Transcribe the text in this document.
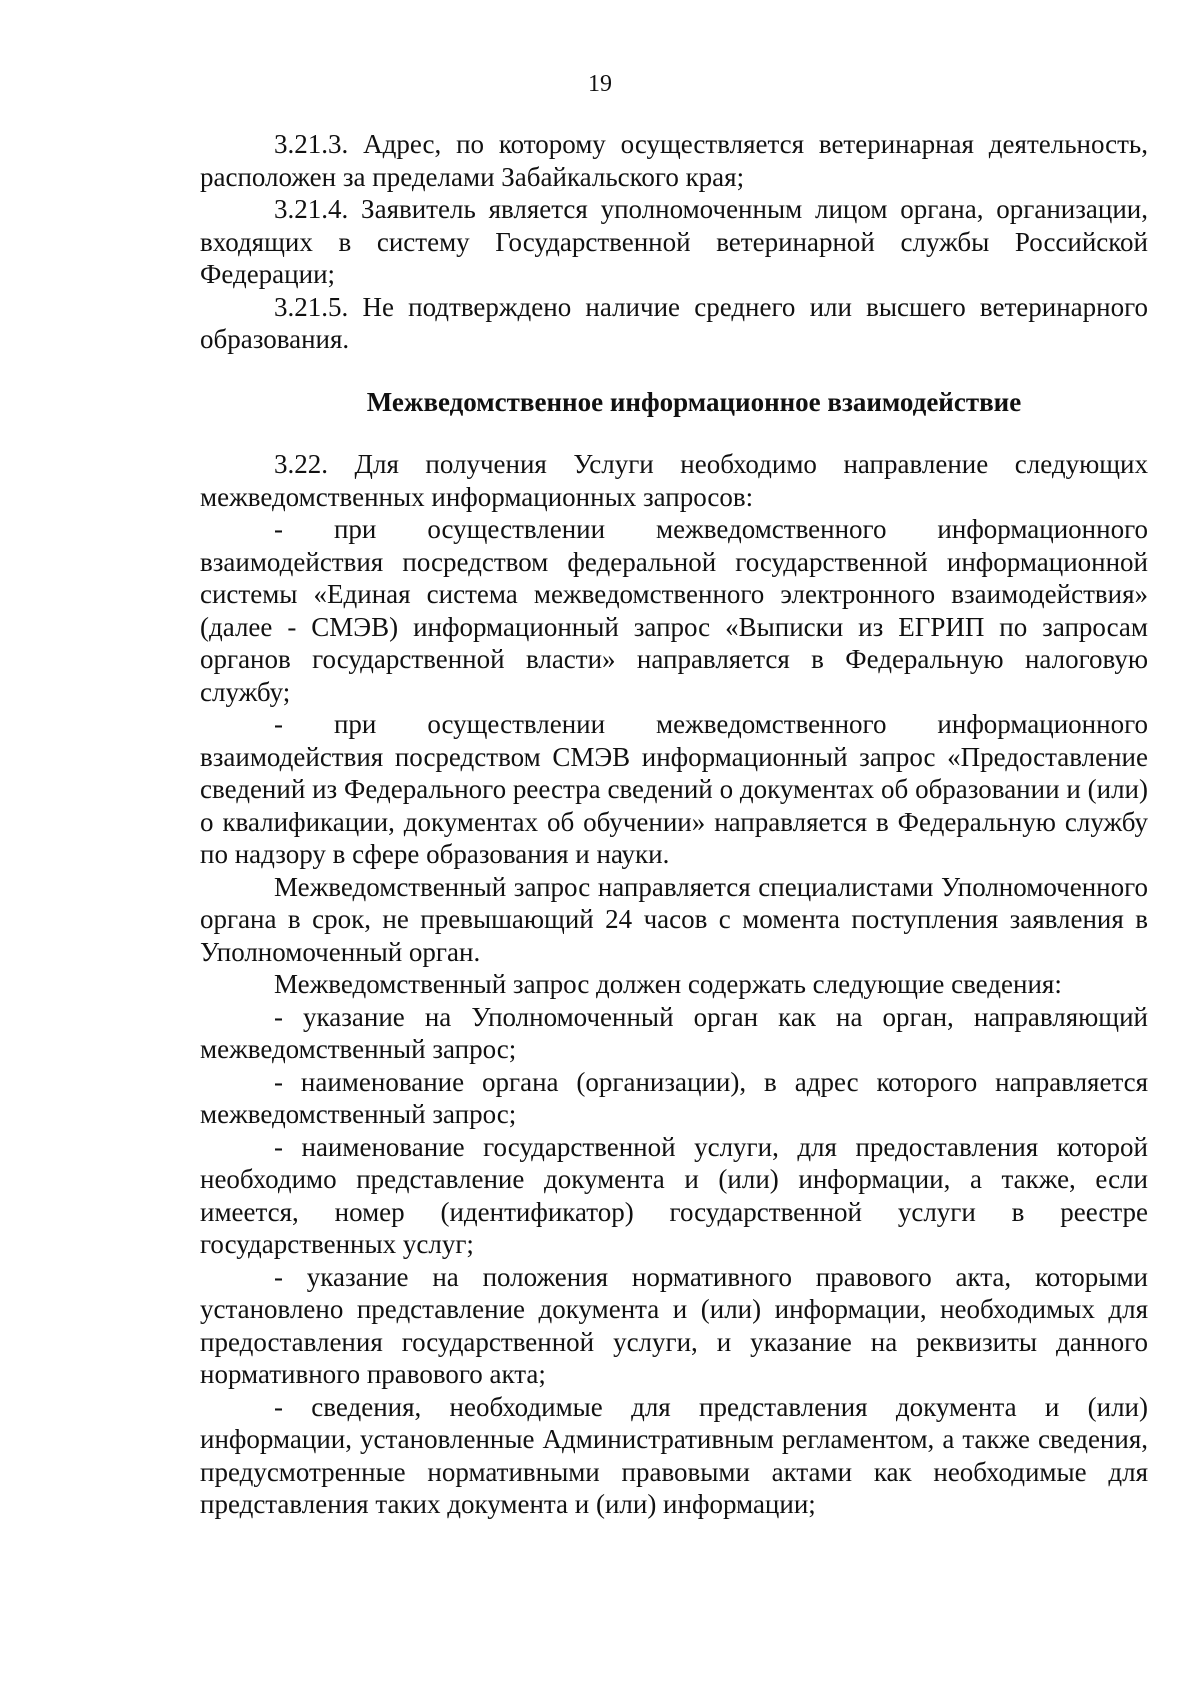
19

3.21.3. Адрес, по которому осуществляется ветеринарная деятельность, расположен за пределами Забайкальского края;

3.21.4. Заявитель является уполномоченным лицом органа, организации, входящих в систему Государственной ветеринарной службы Российской Федерации;

3.21.5. Не подтверждено наличие среднего или высшего ветеринарного образования.

Межведомственное информационное взаимодействие

3.22. Для получения Услуги необходимо направление следующих межведомственных информационных запросов:

- при осуществлении межведомственного информационного взаимодействия посредством федеральной государственной информационной системы «Единая система межведомственного электронного взаимодействия» (далее - СМЭВ) информационный запрос «Выписки из ЕГРИП по запросам органов государственной власти» направляется в Федеральную налоговую службу;

- при осуществлении межведомственного информационного взаимодействия посредством СМЭВ информационный запрос «Предоставление сведений из Федерального реестра сведений о документах об образовании и (или) о квалификации, документах об обучении» направляется в Федеральную службу по надзору в сфере образования и науки.

Межведомственный запрос направляется специалистами Уполномоченного органа в срок, не превышающий 24 часов с момента поступления заявления в Уполномоченный орган.

Межведомственный запрос должен содержать следующие сведения:

- указание на Уполномоченный орган как на орган, направляющий межведомственный запрос;

- наименование органа (организации), в адрес которого направляется межведомственный запрос;

- наименование государственной услуги, для предоставления которой необходимо представление документа и (или) информации, а также, если имеется, номер (идентификатор) государственной услуги в реестре государственных услуг;

- указание на положения нормативного правового акта, которыми установлено представление документа и (или) информации, необходимых для предоставления государственной услуги, и указание на реквизиты данного нормативного правового акта;

- сведения, необходимые для представления документа и (или) информации, установленные Административным регламентом, а также сведения, предусмотренные нормативными правовыми актами как необходимые для представления таких документа и (или) информации;
